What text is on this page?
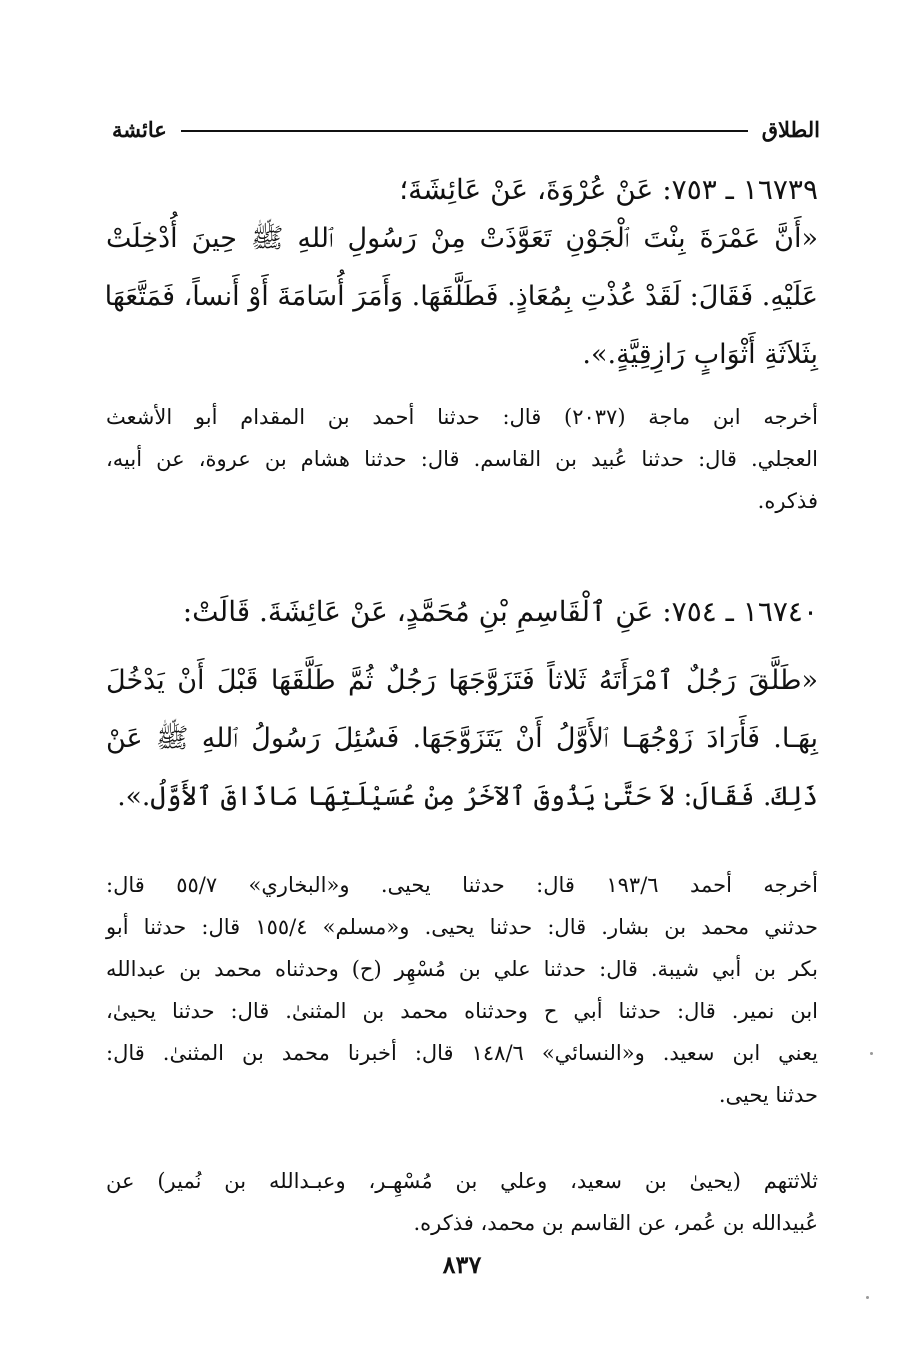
الطلاق
عائشة
١٦٧٣٩ ـ ٧٥٣: عَنْ عُرْوَةَ، عَنْ عَائِشَةَ؛
«أَنَّ عَمْرَةَ بِنْتَ ٱلْجَوْنِ تَعَوَّذَتْ مِنْ رَسُولِ ٱللهِ ﷺ حِينَ أُدْخِلَتْ
عَلَيْهِ. فَقَالَ: لَقَدْ عُذْتِ بِمُعَاذٍ. فَطَلَّقَهَا. وَأَمَرَ أُسَامَةَ أَوْ أَنساً، فَمَتَّعَهَا
بِثَلاَثَةِ أَثْوَابٍ رَازِقِيَّةٍ.».
أخرجه ابن ماجة (٢٠٣٧) قال: حدثنا أحمد بن المقدام أبو الأشعث
العجلي. قال: حدثنا عُبيد بن القاسم. قال: حدثنا هشام بن عروة، عن أبيه،
فذكره.
١٦٧٤٠ ـ ٧٥٤: عَنِ ٱلْقَاسِمِ بْنِ مُحَمَّدٍ، عَنْ عَائِشَةَ. قَالَتْ:
«طَلَّقَ رَجُلٌ ٱمْرَأَتَهُ ثَلاثاً فَتَزَوَّجَهَا رَجُلٌ ثُمَّ طَلَّقَهَا قَبْلَ أَنْ يَدْخُلَ
بِهَـا. فَأَرَادَ زَوْجُهَـا ٱلأَوَّلُ أَنْ يَتَزَوَّجَهَا. فَسُئِلَ رَسُولُ ٱللهِ ﷺ عَنْ
ذَلِكَ. فَقَالَ: لاَ حَتَّىٰ يَذُوقَ ٱلآخَرُ مِنْ عُسَيْلَتِهَا مَاذَاقَ ٱلأَوَّلُ.».
أخرجه أحمد ١٩٣/٦ قال: حدثنا يحيى. و«البخاري» ٥٥/٧ قال:
حدثني محمد بن بشار. قال: حدثنا يحيى. و«مسلم» ١٥٥/٤ قال: حدثنا أبو
بكر بن أبي شيبة. قال: حدثنا علي بن مُسْهِر (ح) وحدثناه محمد بن عبدالله
ابن نمير. قال: حدثنا أبي ح وحدثناه محمد بن المثنىٰ. قال: حدثنا يحيىٰ،
يعني ابن سعيد. و«النسائي» ١٤٨/٦ قال: أخبرنا محمد بن المثنىٰ. قال:
حدثنا يحيى.
ثلاثتهم (يحيىٰ بن سعيد، وعلي بن مُسْهِـر، وعبـدالله بن نُمير) عن
عُبيدالله بن عُمر، عن القاسم بن محمد، فذكره.
٨٣٧
